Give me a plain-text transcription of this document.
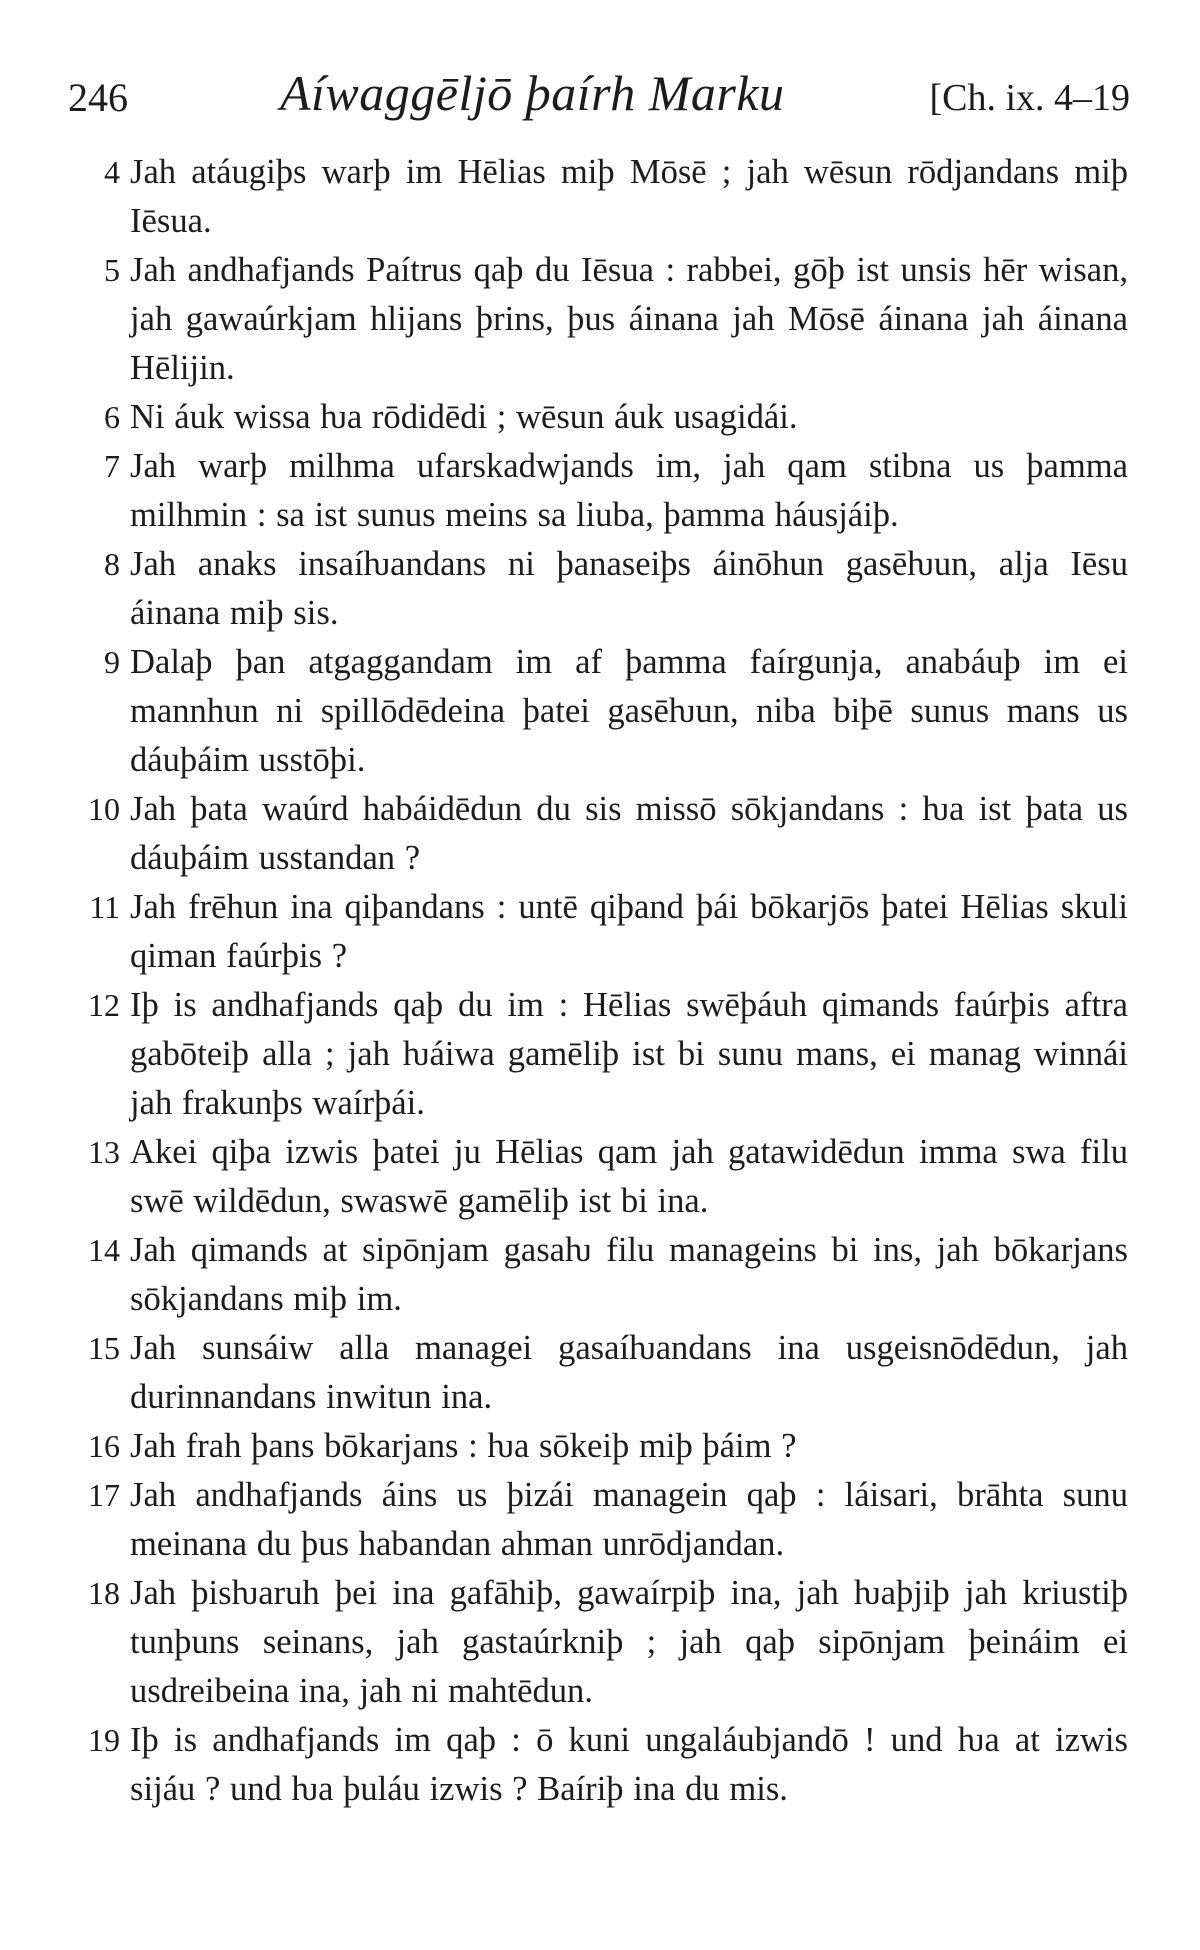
246	Aíwaggēljō þaírh Marku	[Ch. ix. 4–19
4 Jah atáugiþs warþ im Hēlias miþ Mōsē ; jah wēsun rōdjandans miþ Iēsua.
5 Jah andhafjands Paítrus qaþ du Iēsua : rabbei, gōþ ist unsis hēr wisan, jah gawaúrkjam hlijans þrins, þus áinana jah Mōsē áinana jah áinana Hēlijin.
6 Ni áuk wissa ƕa rōdidēdi ; wēsun áuk usagidái.
7 Jah warþ milhma ufarskadwjands im, jah qam stibna us þamma milhmin : sa ist sunus meins sa liuba, þamma háusjáiþ.
8 Jah anaks insaíƕandans ni þanaseiþs áinōhun gasēƕun, alja Iēsu áinana miþ sis.
9 Dalaþ þan atgaggandam im af þamma faírgunja, anabáuþ im ei mannhun ni spillōdēdeina þatei gasēƕun, niba biþē sunus mans us dáuþáim usstōþi.
10 Jah þata waúrd habáidēdun du sis missō sōkjandans : ƕa ist þata us dáuþáim usstandan ?
11 Jah frēhun ina qiþandans : untē qiþand þái bōkarjōs þatei Hēlias skuli qiman faúrþis ?
12 Iþ is andhafjands qaþ du im : Hēlias swēþáuh qimands faúrþis aftra gabōteiþ alla ; jah ƕáiwa gamēliþ ist bi sunu mans, ei manag winnái jah frakunþs waírþái.
13 Akei qiþa izwis þatei ju Hēlias qam jah gatawidēdun imma swa filu swē wildēdun, swaswē gamēliþ ist bi ina.
14 Jah qimands at sipōnjam gasaƕ filu manageins bi ins, jah bōkarjans sōkjandans miþ im.
15 Jah sunsáiw alla managei gasaíƕandans ina usgeisnōdēdun, jah durinnandans inwitun ina.
16 Jah frah þans bōkarjans : ƕa sōkeiþ miþ þáim ?
17 Jah andhafjands áins us þizái managein qaþ : láisari, brāhta sunu meinana du þus habandan ahman unrōdjandan.
18 Jah þisƕaruh þei ina gafāhiþ, gawaírpiþ ina, jah ƕaþjiþ jah kriustiþ tunþuns seinans, jah gastaúrkniþ ; jah qaþ sipōnjam þeináim ei usdreibeina ina, jah ni mahtēdun.
19 Iþ is andhafjands im qaþ : ō kuni ungaláubjandō ! und ƕa at izwis sijáu ? und ƕa þuláu izwis ? Baíriþ ina du mis.
